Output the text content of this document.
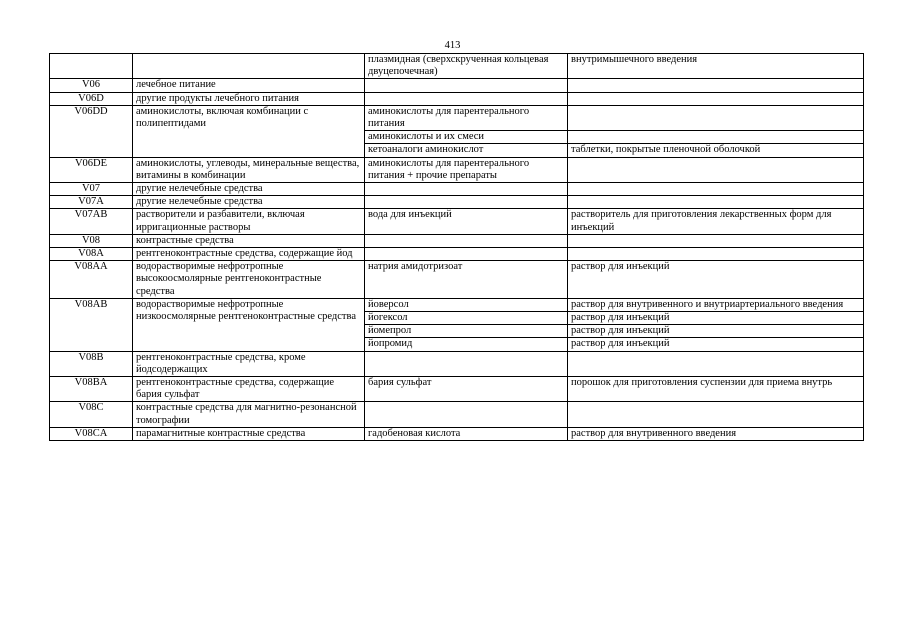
413
		плазмидная (сверхскрученная кольцевая двуцепочечная)	внутримышечного введения
V06	лечебное питание		
V06D	другие продукты лечебного питания		
V06DD	аминокислоты, включая комбинации с полипептидами	аминокислоты для парентерального питания	
		аминокислоты и их смеси	
		кетоаналоги аминокислот	таблетки, покрытые пленочной оболочкой
V06DE	аминокислоты, углеводы, минеральные вещества, витамины в комбинации	аминокислоты для парентерального питания + прочие препараты	
V07	другие нелечебные средства		
V07A	другие нелечебные средства		
V07AB	растворители и разбавители, включая ирригационные растворы	вода для инъекций	растворитель для приготовления лекарственных форм для инъекций
V08	контрастные средства		
V08A	рентгеноконтрастные средства, содержащие йод		
V08AA	водорастворимые нефротропные высокоосмолярные рентгеноконтрастные средства	натрия амидотризоат	раствор для инъекций
V08AB	водорастворимые нефротропные низкоосмолярные рентгеноконтрастные средства	йоверсол	раствор для внутривенного и внутриартериального введения
		йогексол	раствор для инъекций
		йомепрол	раствор для инъекций
		йопромид	раствор для инъекций
V08B	рентгеноконтрастные средства, кроме йодсодержащих		
V08BA	рентгеноконтрастные средства, содержащие бария сульфат	бария сульфат	порошок для приготовления суспензии для приема внутрь
V08C	контрастные средства для магнитно-резонансной томографии		
V08CA	парамагнитные контрастные средства	гадобеновая кислота	раствор для внутривенного введения
